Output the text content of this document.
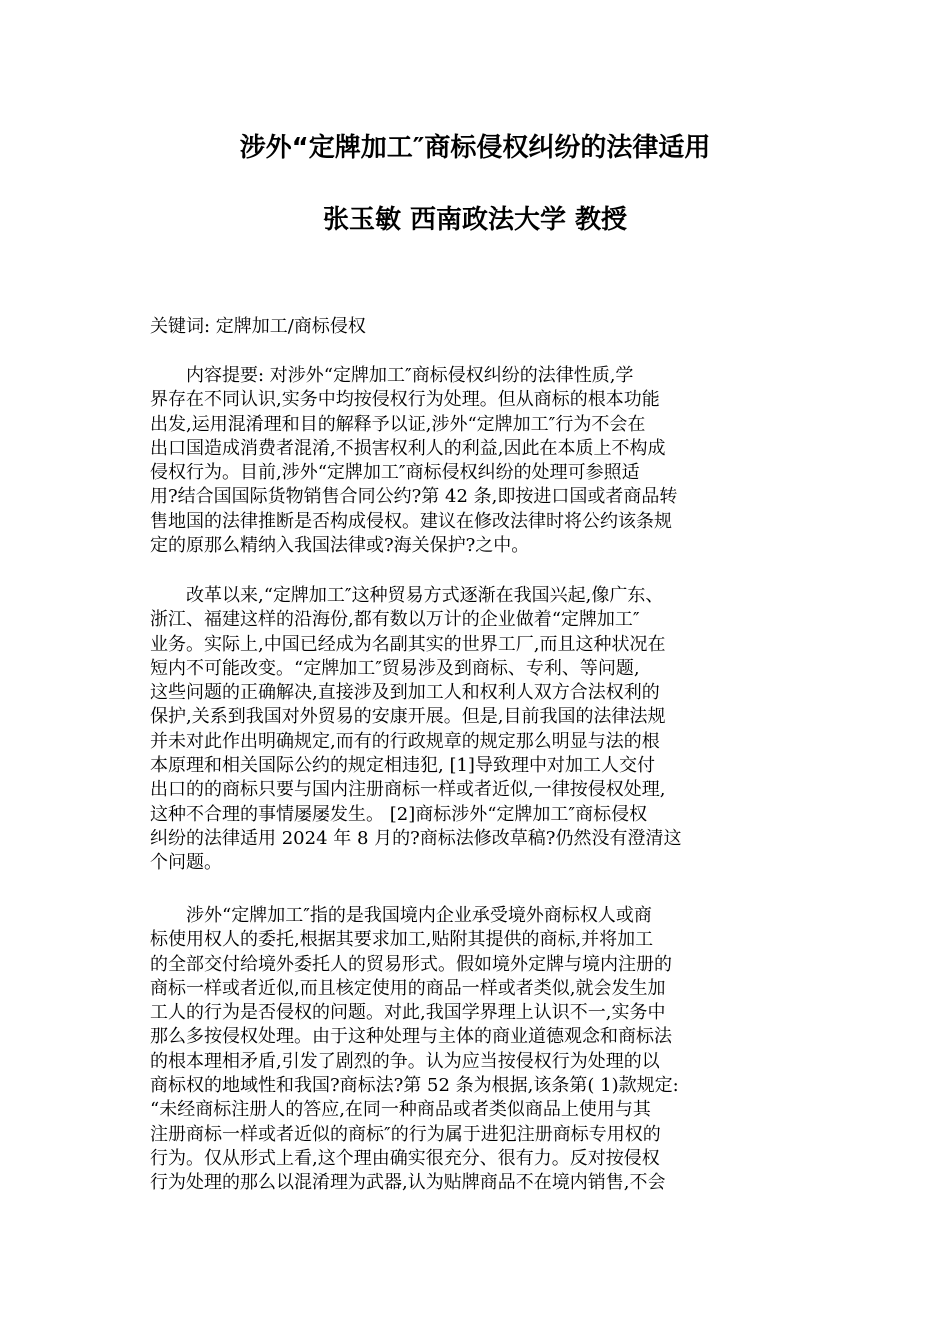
涉外“定牌加工″商标侵权纠纷的法律适用
张玉敏 西南政法大学 教授
关键词: 定牌加工/商标侵权
　　内容提要: 对涉外“定牌加工″商标侵权纠纷的法律性质,学
界存在不同认识,实务中均按侵权行为处理。但从商标的根本功能
出发,运用混淆理和目的解释予以证,涉外“定牌加工″行为不会在
出口国造成消费者混淆,不损害权利人的利益,因此在本质上不构成
侵权行为。目前,涉外“定牌加工″商标侵权纠纷的处理可参照适
用?结合国国际货物销售合同公约?第 42 条,即按进口国或者商品转
售地国的法律推断是否构成侵权。建议在修改法律时将公约该条规
定的原那么精纳入我国法律或?海关保护?之中。
　　改革以来,“定牌加工″这种贸易方式逐渐在我国兴起,像广东、
浙江、福建这样的沿海份,都有数以万计的企业做着“定牌加工″
业务。实际上,中国已经成为名副其实的世界工厂,而且这种状况在
短内不可能改变。“定牌加工″贸易涉及到商标、专利、等问题,
这些问题的正确解决,直接涉及到加工人和权利人双方合法权利的
保护,关系到我国对外贸易的安康开展。但是,目前我国的法律法规
并未对此作出明确规定,而有的行政规章的规定那么明显与法的根
本原理和相关国际公约的规定相违犯, [1]导致理中对加工人交付
出口的的商标只要与国内注册商标一样或者近似,一律按侵权处理,
这种不合理的事情屡屡发生。 [2]商标涉外“定牌加工″商标侵权
纠纷的法律适用 2024 年 8 月的?商标法修改草稿?仍然没有澄清这
个问题。
　　涉外“定牌加工″指的是我国境内企业承受境外商标权人或商
标使用权人的委托,根据其要求加工,贴附其提供的商标,并将加工
的全部交付给境外委托人的贸易形式。假如境外定牌与境内注册的
商标一样或者近似,而且核定使用的商品一样或者类似,就会发生加
工人的行为是否侵权的问题。对此,我国学界理上认识不一,实务中
那么多按侵权处理。由于这种处理与主体的商业道德观念和商标法
的根本理相矛盾,引发了剧烈的争。认为应当按侵权行为处理的以
商标权的地域性和我国?商标法?第 52 条为根据,该条第( 1)款规定:
“未经商标注册人的答应,在同一种商品或者类似商品上使用与其
注册商标一样或者近似的商标″的行为属于进犯注册商标专用权的
行为。仅从形式上看,这个理由确实很充分、很有力。反对按侵权
行为处理的那么以混淆理为武器,认为贴牌商品不在境内销售,不会
